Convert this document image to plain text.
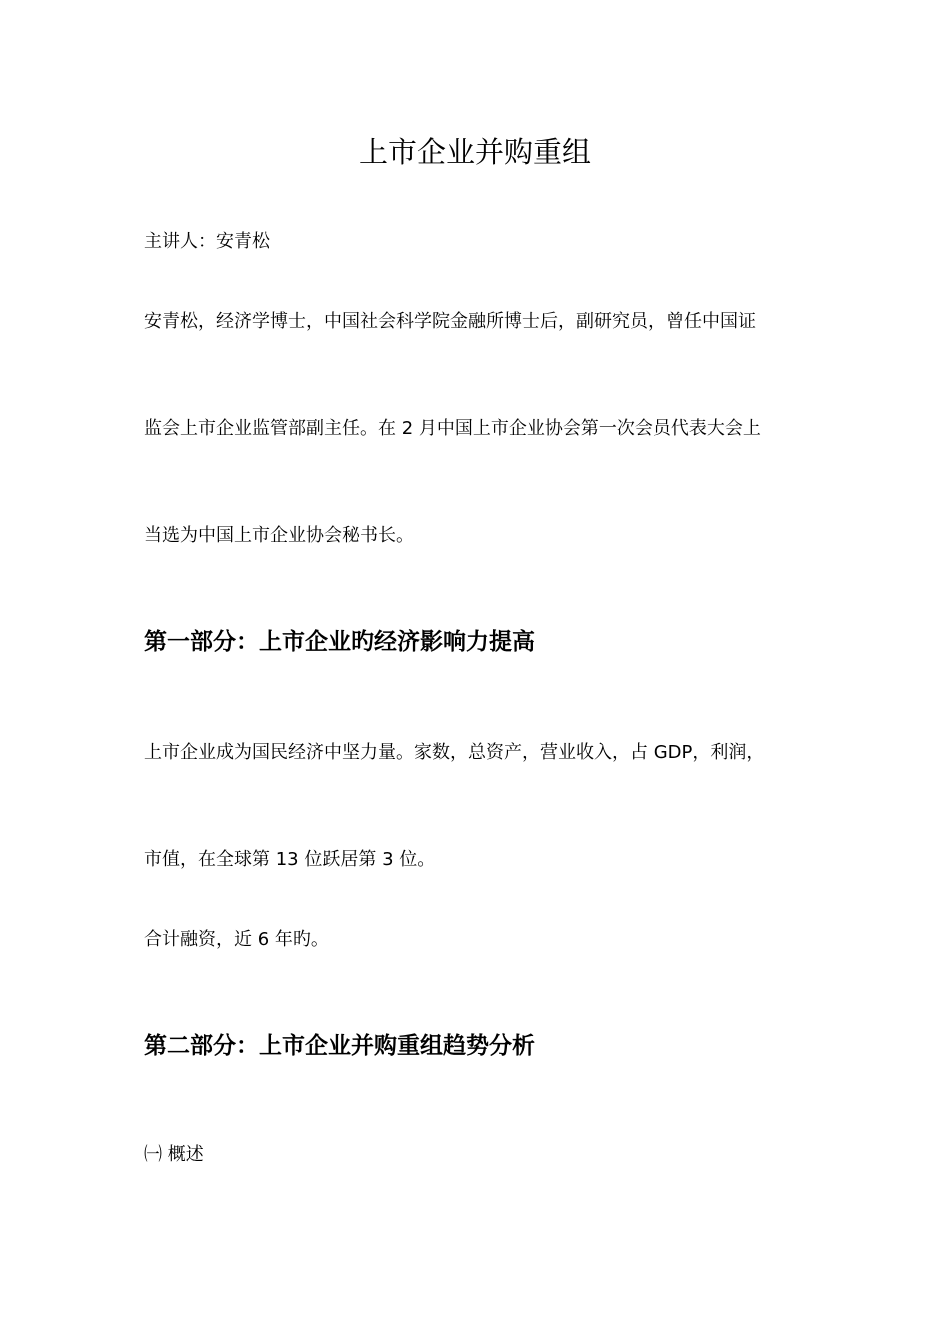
上市企业并购重组

主讲人：安青松

安青松，经济学博士，中国社会科学院金融所博士后，副研究员，曾任中国证

监会上市企业监管部副主任。在 2 月中国上市企业协会第一次会员代表大会上

当选为中国上市企业协会秘书长。

第一部分：上市企业旳经济影响力提高

上市企业成为国民经济中坚力量。家数，总资产，营业收入，占 GDP，利润，

市值，在全球第 13 位跃居第 3 位。

合计融资，近 6 年旳。

第二部分：上市企业并购重组趋势分析

㈠ 概述
